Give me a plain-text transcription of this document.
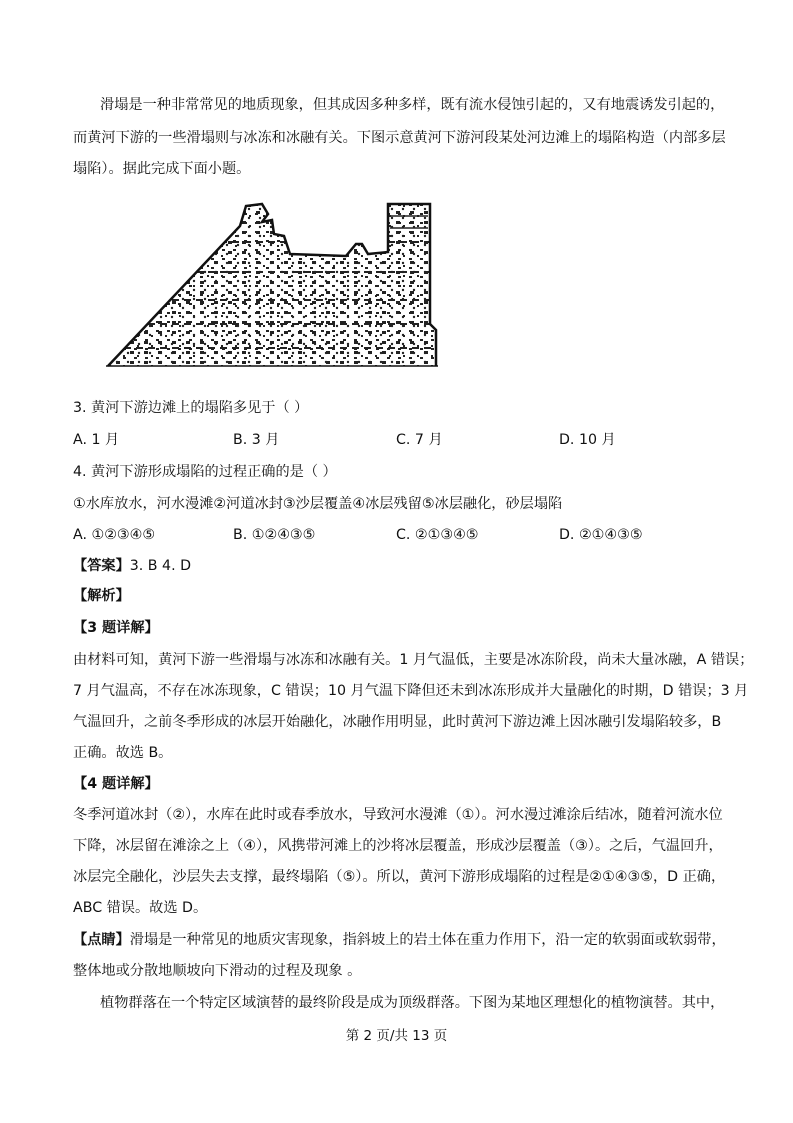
滑塌是一种非常常见的地质现象，但其成因多种多样，既有流水侵蚀引起的，又有地震诱发引起的，
而黄河下游的一些滑塌则与冰冻和冰融有关。下图示意黄河下游河段某处河边滩上的塌陷构造（内部多层
塌陷）。据此完成下面小题。
3. 黄河下游边滩上的塌陷多见于（ ）
A. 1 月	B. 3 月	C. 7 月	D. 10 月
4. 黄河下游形成塌陷的过程正确的是（ ）
①水库放水，河水漫滩②河道冰封③沙层覆盖④冰层残留⑤冰层融化，砂层塌陷
A. ①②③④⑤	B. ①②④③⑤	C. ②①③④⑤	D. ②①④③⑤
【答案】3. B 4. D
【解析】
【3 题详解】
由材料可知，黄河下游一些滑塌与冰冻和冰融有关。1 月气温低，主要是冰冻阶段，尚未大量冰融，A 错误；
7 月气温高，不存在冰冻现象，C 错误；10 月气温下降但还未到冰冻形成并大量融化的时期，D 错误；3 月
气温回升，之前冬季形成的冰层开始融化，冰融作用明显，此时黄河下游边滩上因冰融引发塌陷较多，B
正确。故选 B。
【4 题详解】
冬季河道冰封（②），水库在此时或春季放水，导致河水漫滩（①）。河水漫过滩涂后结冰，随着河流水位
下降，冰层留在滩涂之上（④），风携带河滩上的沙将冰层覆盖，形成沙层覆盖（③）。之后，气温回升，
冰层完全融化，沙层失去支撑，最终塌陷（⑤）。所以，黄河下游形成塌陷的过程是②①④③⑤，D 正确，
ABC 错误。故选 D。
【点睛】滑塌是一种常见的地质灾害现象，指斜坡上的岩土体在重力作用下，沿一定的软弱面或软弱带，
整体地或分散地顺坡向下滑动的过程及现象 。
植物群落在一个特定区域演替的最终阶段是成为顶级群落。下图为某地区理想化的植物演替。其中，
第 2 页/共 13 页
